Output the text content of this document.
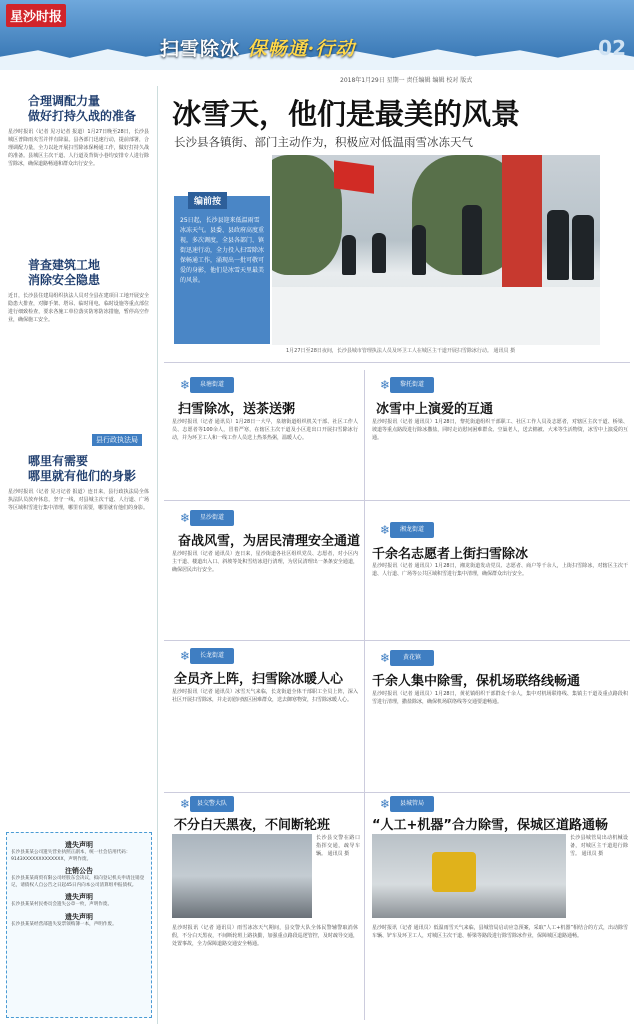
星沙时报
扫雪除冰 保畅通·行动	02
2018年1月29日 星期一 责任编辑 编辑 校对 版式
合理调配力量
做好打持久战的准备

星沙时报讯（记者 见习记者 报道）1月27日晚至28日，长沙县城区普降雨夹雪并伴有降温。县各部门迅速行动，提前部署，合理调配力量，全力以赴开展扫雪除冰保畅通工作，做好打持久战的准备。县城区主次干道、人行道及背街小巷均安排专人进行除雪除冰，确保道路畅通和群众出行安全。

普查建筑工地
消除安全隐患

近日，长沙县住建局组织执法人员对全县在建项目工地开展安全隐患大排查，对脚手架、塔吊、临时用电、临时设施等重点部位进行细致检查，要求各施工单位落实防寒防冻措施，暂停高空作业，确保施工安全。

县行政执法局
哪里有需要
哪里就有他们的身影

星沙时报讯（记者 见习记者 报道）连日来，县行政执法局全体执法队员放弃休息，坚守一线，对县城主次干道、人行道、广场等区域积雪进行集中清理，哪里有需要，哪里就有他们的身影。

遗失声明

长沙县某某公司遗失营业执照正副本，统一社会信用代码：9143XXXXXXXXXXXXX，声明作废。

注销公告

长沙县某某商贸有限公司经股东会决议，拟向登记机关申请注销登记，请债权人自公告之日起45日内向本公司清算组申报债权。

遗失声明

长沙县某某村民委员会遗失公章一枚，声明作废。

遗失声明

长沙县某某经营部遗失发票领购簿一本，声明作废。

冰雪天，他们是最美的风景
长沙县各镇街、部门主动作为，积极应对低温雨雪冰冻天气
编前按

25日起，长沙县迎来低温雨雪冰冻天气。县委、县政府高度重视，多次调度，全县各部门、镇街迅速行动，全力投入扫雪除冰保畅通工作，涌现出一批可敬可爱的身影，他们是冰雪天里最美的风景。

1月27日至28日夜间，长沙县城市管理执法人员及环卫工人在城区主干道开展扫雪除冰行动。 通讯员 摄
❄ 泉塘街道
扫雪除冰，送茶送粥
星沙时报讯（记者 通讯员）1月28日一大早，泉塘街道组织机关干部、社区工作人员、志愿者等100余人，冒着严寒，在辖区主次干道及小区进出口开展扫雪除冰行动，并为环卫工人和一线工作人员送上热茶热粥，温暖人心。
❄ 黎托街道
冰雪中上演爱的互通
星沙时报讯（记者 通讯员）1月28日，黎托街道组织干部职工、社区工作人员及志愿者，对辖区主次干道、桥梁、坡道等重点路段进行除冰撒盐，同时走访慰问困难群众、空巢老人，送去棉被、大米等生活物资，冰雪中上演爱的互通。
❄ 星沙街道
奋战风雪，为居民清理安全通道
星沙时报讯（记者 通讯员）连日来，星沙街道各社区组织党员、志愿者，对小区内主干道、楼道出入口、斜坡等处积雪结冰进行清理，为居民清理出一条条安全通道，确保居民出行安全。
❄ 湘龙街道
千余名志愿者上街扫雪除冰
星沙时报讯（记者 通讯员）1月28日，湘龙街道发动党员、志愿者、商户等千余人，上街扫雪除冰，对辖区主次干道、人行道、广场等公共区域积雪进行集中清理，确保群众出行安全。
❄ 长龙街道
全员齐上阵，扫雪除冰暖人心
星沙时报讯（记者 通讯员）冰雪天气来临，长龙街道全体干部职工全员上阵，深入社区开展扫雪除冰，并走访慰问辖区困难群众，送去御寒物资，扫雪除冰暖人心。
❄ 黄花镇
千余人集中除雪，保机场联络线畅通
星沙时报讯（记者 通讯员）1月28日，黄花镇组织干部群众千余人，集中对机场联络线、集镇主干道及重点路段积雪进行清理，撒盐除冰，确保机场联络线等交通要道畅通。
❄ 县交警大队
不分白天黑夜，不间断轮班
长沙县交警在路口指挥交通，疏导车辆。 通讯员 摄
星沙时报讯（记者 通讯员）雨雪冰冻天气期间，县交警大队全体民警辅警取消休假，不分白天黑夜，不间断轮班上路执勤，加强重点路段巡逻管控，及时疏导交通，处置事故，全力保障道路交通安全畅通。
❄ 县城管局
“人工+机器”合力除雪，保城区道路通畅
长沙县城管局出动机械设备，对城区主干道进行除雪。 通讯员 摄
星沙时报讯（记者 通讯员）低温雨雪天气来临，县城管局启动应急预案，采取“人工+机器”相结合的方式，出动除雪车辆、铲车及环卫工人，对城区主次干道、桥梁等路段进行除雪除冰作业，保障城区道路通畅。
